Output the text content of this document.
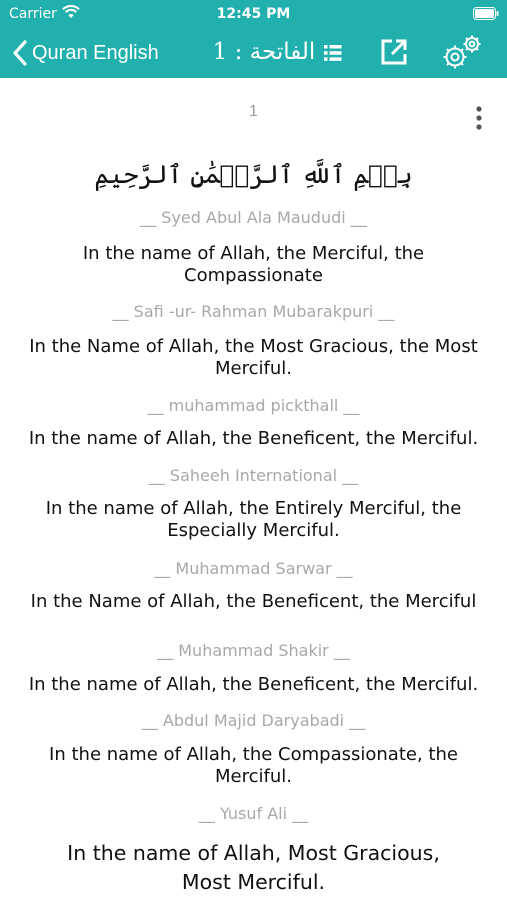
Carrier	12:45 PM
Quran English	الفاتحة : 1
1
بِسۡمِ ٱللَّهِ ٱلرَّحۡمَٰنِ ٱلرَّحِيمِ
__ Syed Abul Ala Maududi __
In the name of Allah, the Merciful, the Compassionate
__ Safi -ur- Rahman Mubarakpuri __
In the Name of Allah, the Most Gracious, the Most Merciful.
__ muhammad pickthall __
In the name of Allah, the Beneficent, the Merciful.
__ Saheeh International __
In the name of Allah, the Entirely Merciful, the Especially Merciful.
__ Muhammad Sarwar __
In the Name of Allah, the Beneficent, the Merciful
__ Muhammad Shakir __
In the name of Allah, the Beneficent, the Merciful.
__ Abdul Majid Daryabadi __
In the name of Allah, the Compassionate, the Merciful.
__ Yusuf Ali __
In the name of Allah, Most Gracious, Most Merciful.
